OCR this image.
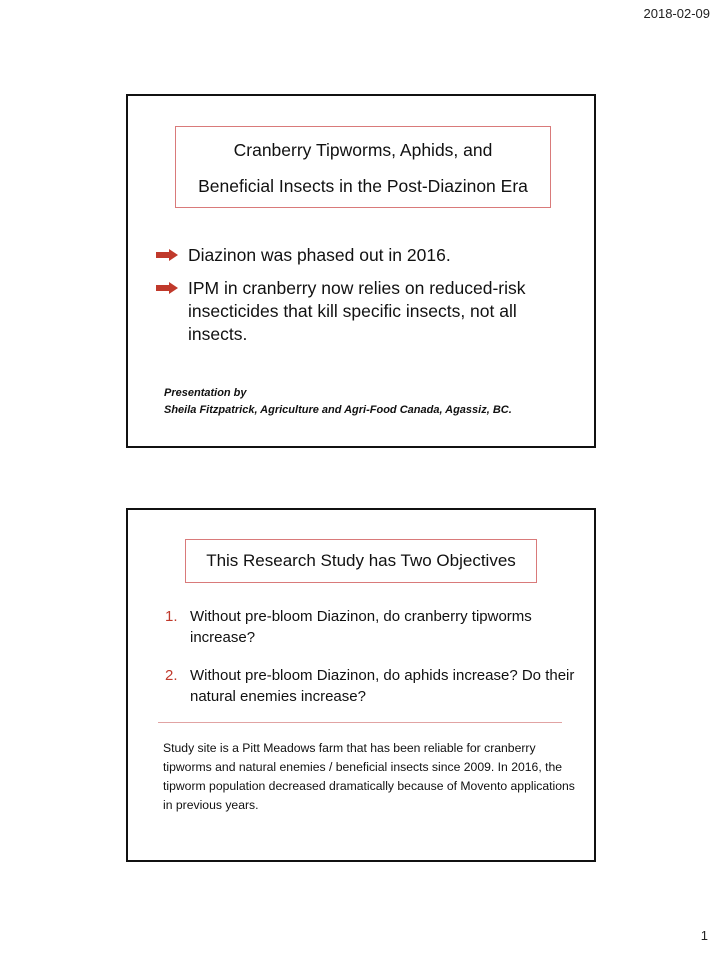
2018-02-09
Cranberry Tipworms, Aphids, and
Beneficial Insects in the Post-Diazinon Era
Diazinon was phased out in 2016.
IPM in cranberry now relies on reduced-risk insecticides that kill specific insects, not all insects.
Presentation by
Sheila Fitzpatrick, Agriculture and Agri-Food Canada, Agassiz, BC.
This Research Study has Two Objectives
1. Without pre-bloom Diazinon, do cranberry tipworms increase?
2. Without pre-bloom Diazinon, do aphids increase? Do their natural enemies increase?

Study site is a Pitt Meadows farm that has been reliable for cranberry tipworms and natural enemies / beneficial insects since 2009. In 2016, the tipworm population decreased dramatically because of Movento applications in previous years.

1
